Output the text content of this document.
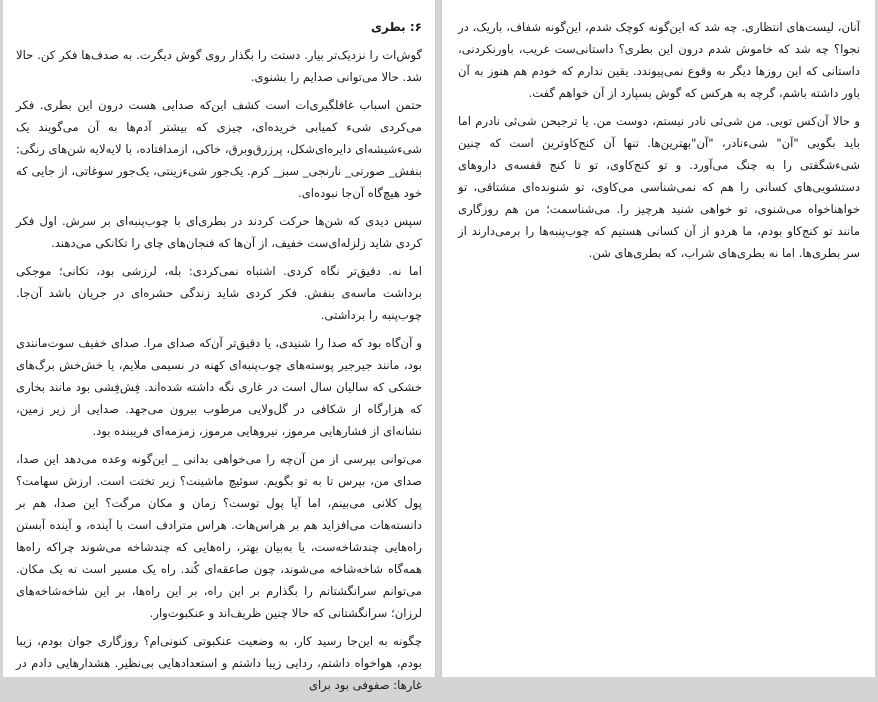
۶: بطری

گوش‌ات را نزدیک‌تر بیار. دستت را بگذار روی گوش دیگرت. به صدف‌ها فکر کن. حالا شد. حالا می‌توانی صدایم را بشنوی.

حتمن اسباب غافلگیری‌ات است کشف این‌که صدایی هست درون این بطری. فکر می‌کردی شیء کمیابی خریده‌ای، چیزی که بیشتر آدم‌ها به آن می‌گویند یک شی‌ءشیشه‌ای دایره‌ای‌شکل، پرزرق‌وبرق، خاکی، ازمدافتاده، با لایه‌لایه شن‌های رنگی: بنفش_ صورتی_ نارنجی_ سبز_ کرم. یک‌جور شی‌ءزینتی، یک‌جور سوغاتی، از جایی که خود هیچ‌گاه آن‌جا نبوده‌ای.

سپس دیدی که شن‌ها حرکت کردند در بطری‌ای با چوب‌پنبه‌ای بر سرش. اول فکر کردی شاید زلزله‌ای‌ست خفیف، از آن‌ها که فنجان‌های چای را تکانکی می‌دهند.

اما نه. دقیق‌تر نگاه کردی. اشتباه نمی‌کردی: بله، لرزشی بود، تکانی؛ موجکی برداشت ماسه‌ی بنفش. فکر کردی شاید زندگی حشره‌ای در جریان باشد آن‌جا. چوب‌پنبه را برداشتی.

و آن‌گاه بود که صدا را شنیدی، یا دقیق‌تر آن‌که صدای مرا. صدای خفیف سوت‌مانندی بود، مانند جیرجیر پوسته‌های چوب‌پنبه‌ای کهنه در نسیمی ملایم، یا خش‌خش برگ‌های خشکی که سالیان سال است در غاری نگه داشته شده‌اند. فِش‌فِشی بود مانند بخاری که هزارگاه از شکافی در گل‌ولایی مرطوب بیرون می‌جهد. صدایی از زیر زمین، نشانه‌ای از فشارهایی مرموز، نیروهایی مرموز، زمزمه‌ای فریبنده بود.

می‌توانی بپرسی از من آن‌چه را می‌خواهی بدانی _ این‌گونه وعده می‌دهد این صدا، صدای من، بپرس تا به تو بگویم. سوئیچ ماشینت؟ زیر تختت است. ارزش سهامت؟ پول کلانی می‌بینم، اما آیا پول توست؟ زمان و مکان مرگت؟ این صدا، هم بر دانسته‌هات می‌افزاید هم بر هراس‌هات. هراس مترادف است با آینده، و آینده آبستن راه‌هایی چندشاخه‌ست، یا به‌بیان بهتر، راه‌هایی که چندشاخه می‌شوند چراکه راه‌ها همه‌گاه شاخه‌شاخه می‌شوند، چون صاعقه‌ای کُند. راه یک مسیر است نه یک مکان. می‌توانم سرانگشتانم را بگذارم بر این راه، بر این راه‌ها، بر این شاخه‌شاخه‌های لرزان؛ سرانگشتانی که حالا چنین ظریف‌اند و عنکبوت‌وار.

چگونه به این‌جا رسید کار، به وضعیت عنکبوتی کنونی‌ام؟ روزگاری جوان بودم، زیبا بودم، هواخواه داشتم، ردایی زیبا داشتم و استعدادهایی بی‌نظیر. هشدارهایی دادم در غارها: صفوفی بود برای

آنان، لیست‌های انتظاری. چه شد که این‌گونه کوچک شدم، این‌گونه شفاف، باریک، در نجوا؟ چه شد که خاموش شدم درون این بطری؟ داستانی‌ست غریب، باورنکردنی، داستانی که این روزها دیگر به وقوع نمی‌پیوندد. یقین ندارم که خودم هم هنوز به آن باور داشته باشم، گرچه به هرکس که گوش بسپارد از آن خواهم گفت.

و حالا آن‌کس تویی. من شی‌ئی نادر نیستم، دوست من. یا ترجیحن شی‌ئی نادرم اما باید بگویی "آن" شی‌ءنادر، "آن"بهترین‌ها. تنها آن کنج‌کاوترین است که چنین شی‌ءشگفتی را به چنگ می‌آورد. و تو کنج‌کاوی، تو تا کنج قفسه‌ی داروهای دستشویی‌های کسانی را هم که نمی‌شناسی می‌کاوی، تو شنونده‌ای مشتاقی، تو خواهناخواه می‌شنوی، تو خواهی شنید هرچیز را. می‌شناسمت؛ من هم روزگاری مانند تو کنج‌کاو بودم، ما هردو از آن کسانی هستیم که چوب‌پنبه‌ها را برمی‌دارند از سر بطری‌ها. اما نه بطری‌های شراب، که بطری‌های شن.
